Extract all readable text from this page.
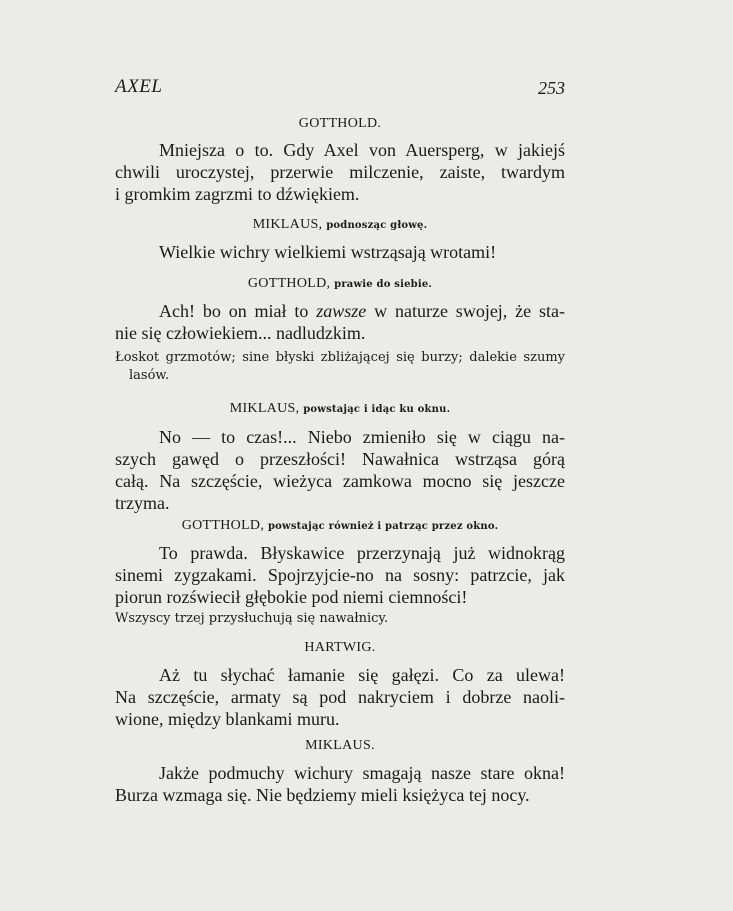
AXEL	253
GOTTHOLD.
Mniejsza o to. Gdy Axel von Auersperg, w jakiejś
chwili uroczystej, przerwie milczenie, zaiste, twardym
i gromkim zagrzmi to dźwiękiem.
MIKLAUS, podnosząc głowę.
Wielkie wichry wielkiemi wstrząsają wrotami!
GOTTHOLD, prawie do siebie.
Ach! bo on miał to zawsze w naturze swojej, że sta-
nie się człowiekiem... nadludzkim.
Łoskot grzmotów; sine błyski zbliżającej się burzy; dalekie szumy
lasów.
MIKLAUS, powstając i idąc ku oknu.
No — to czas!... Niebo zmieniło się w ciągu na-
szych gawęd o przeszłości! Nawałnica wstrząsa górą
całą. Na szczęście, wieżyca zamkowa mocno się jeszcze
trzyma.
GOTTHOLD, powstając również i patrząc przez okno.
To prawda. Błyskawice przerzynają już widnokrąg
sinemi zygzakami. Spojrzyjcie-no na sosny: patrzcie, jak
piorun rozświecił głębokie pod niemi ciemności!
Wszyscy trzej przysłuchują się nawałnicy.
HARTWIG.
Aż tu słychać łamanie się gałęzi. Co za ulewa!
Na szczęście, armaty są pod nakryciem i dobrze naoli-
wione, między blankami muru.
MIKLAUS.
Jakże podmuchy wichury smagają nasze stare okna!
Burza wzmaga się. Nie będziemy mieli księżyca tej nocy.
